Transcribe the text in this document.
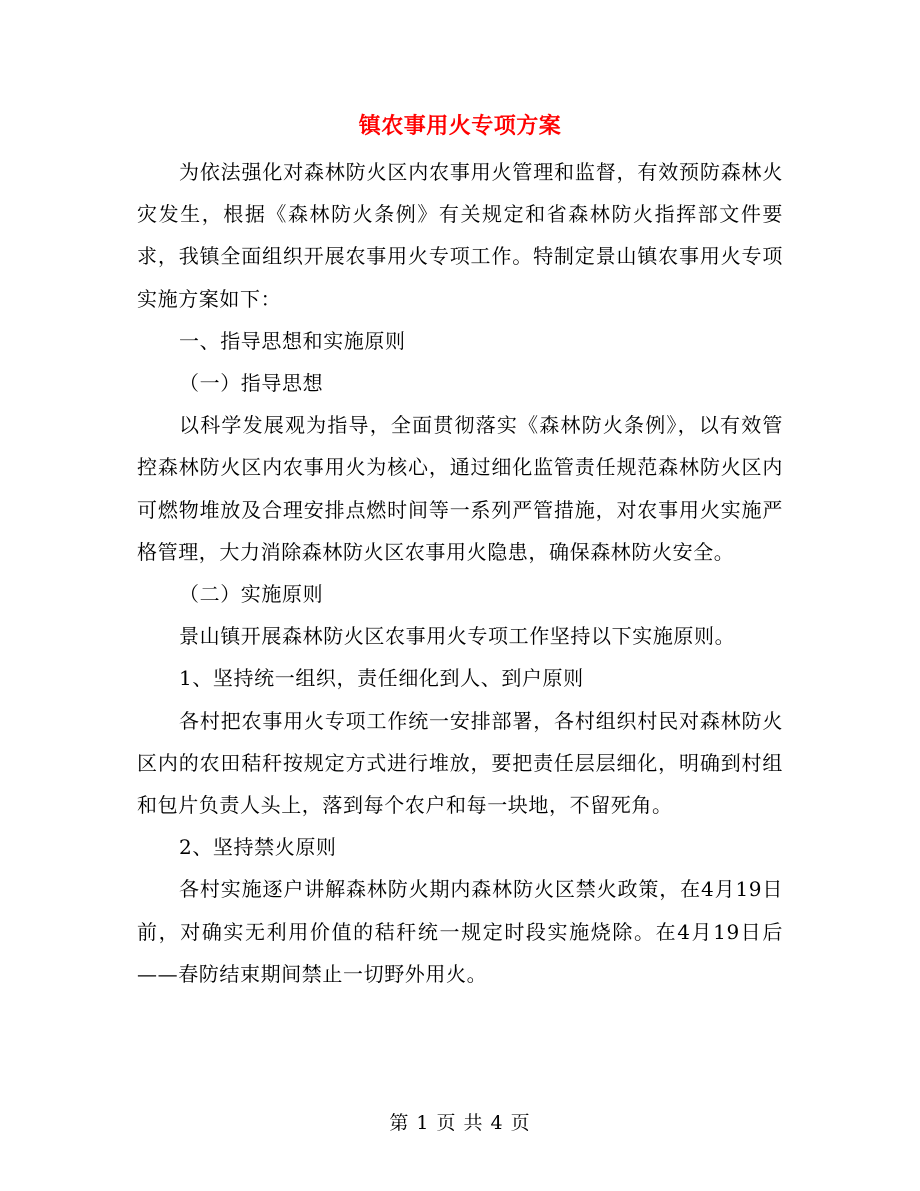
镇农事用火专项方案

为依法强化对森林防火区内农事用火管理和监督，有效预防森林火灾发生，根据《森林防火条例》有关规定和省森林防火指挥部文件要求，我镇全面组织开展农事用火专项工作。特制定景山镇农事用火专项实施方案如下：

一、指导思想和实施原则

（一）指导思想

以科学发展观为指导，全面贯彻落实《森林防火条例》，以有效管控森林防火区内农事用火为核心，通过细化监管责任规范森林防火区内可燃物堆放及合理安排点燃时间等一系列严管措施，对农事用火实施严格管理，大力消除森林防火区农事用火隐患，确保森林防火安全。

（二）实施原则

景山镇开展森林防火区农事用火专项工作坚持以下实施原则。

1、坚持统一组织，责任细化到人、到户原则

各村把农事用火专项工作统一安排部署，各村组织村民对森林防火区内的农田秸秆按规定方式进行堆放，要把责任层层细化，明确到村组和包片负责人头上，落到每个农户和每一块地，不留死角。

2、坚持禁火原则

各村实施逐户讲解森林防火期内森林防火区禁火政策，在4月19日前，对确实无利用价值的秸秆统一规定时段实施烧除。在4月19日后——春防结束期间禁止一切野外用火。

第 1 页 共 4 页
